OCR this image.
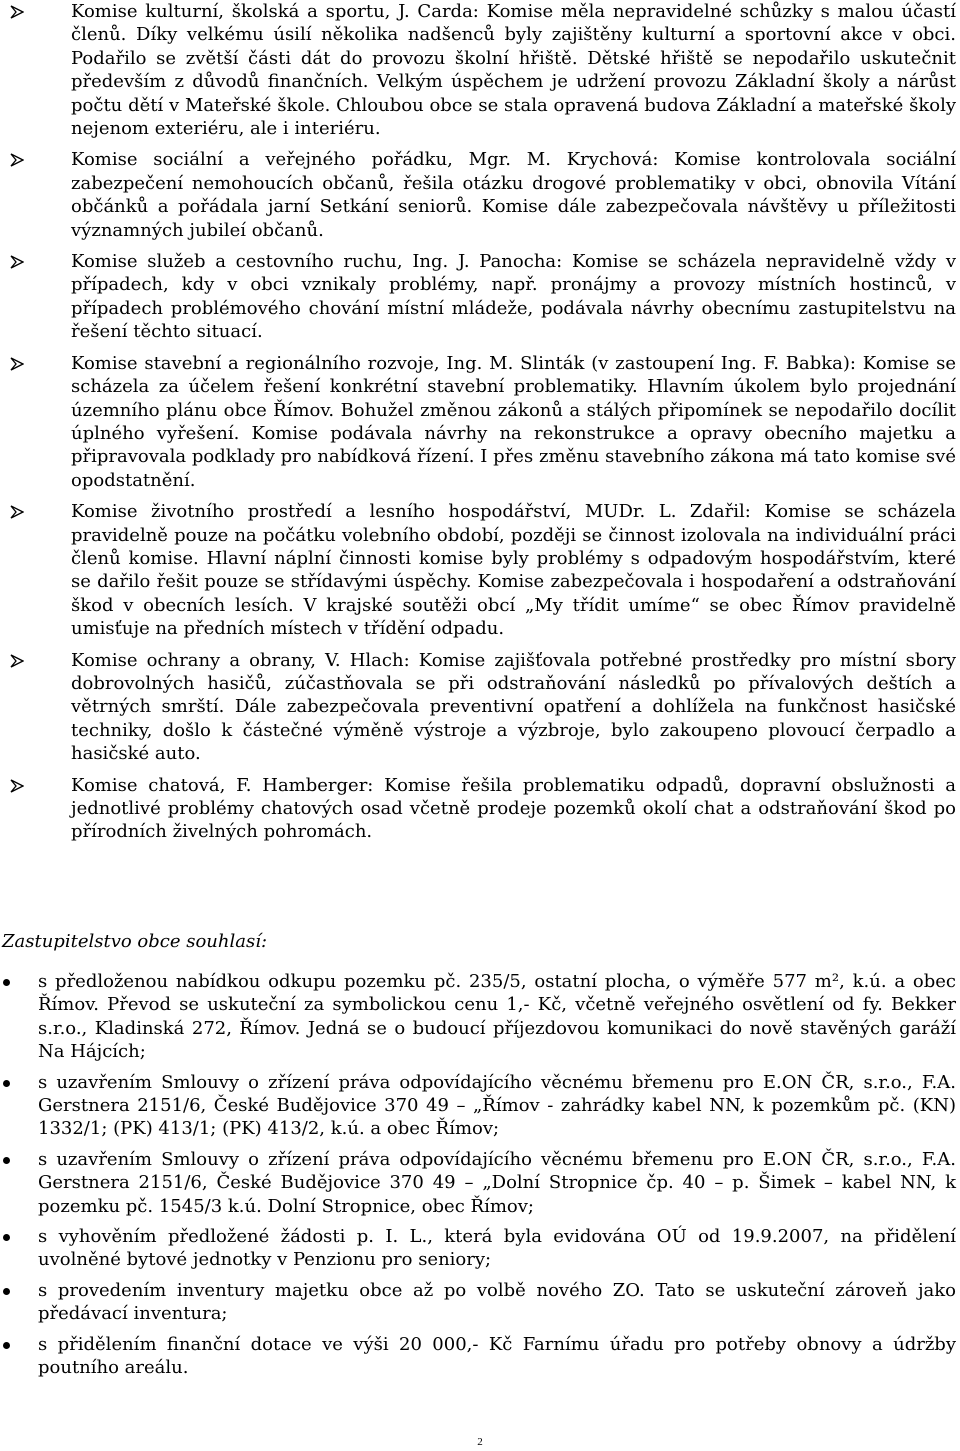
Komise kulturní, školská a sportu, J. Carda: Komise měla nepravidelné schůzky s malou účastí členů. Díky velkému úsilí několika nadšenců byly zajištěny kulturní a sportovní akce v obci. Podařilo se zvětší části dát do provozu školní hřiště. Dětské hřiště se nepodařilo uskutečnit především z důvodů finančních. Velkým úspěchem je udržení provozu Základní školy a nárůst počtu dětí v Mateřské škole. Chloubou obce se stala opravená budova Základní a mateřské školy nejenom exteriéru, ale i interiéru.
Komise sociální a veřejného pořádku, Mgr. M. Krychová: Komise kontrolovala sociální zabezpečení nemohoucích občanů, řešila otázku drogové problematiky v obci, obnovila Vítání občánků a pořádala jarní Setkání seniorů. Komise dále zabezpečovala návštěvy u příležitosti významných jubileí občanů.
Komise služeb a cestovního ruchu, Ing. J. Panocha: Komise se scházela nepravidelně vždy v případech, kdy v obci vznikaly problémy, např. pronájmy a provozy místních hostinců, v případech problémového chování místní mládeže, podávala návrhy obecnímu zastupitelstvu na řešení těchto situací.
Komise stavební a regionálního rozvoje, Ing. M. Slinták (v zastoupení Ing. F. Babka): Komise se scházela za účelem řešení konkrétní stavební problematiky. Hlavním úkolem bylo projednání územního plánu obce Římov. Bohužel změnou zákonů a stálých připomínek se nepodařilo docílit úplného vyřešení. Komise podávala návrhy na rekonstrukce a opravy obecního majetku a připravovala podklady pro nabídková řízení. I přes změnu stavebního zákona má tato komise své opodstatnění.
Komise životního prostředí a lesního hospodářství, MUDr. L. Zdařil: Komise se scházela pravidelně pouze na počátku volebního období, později se činnost izolovala na individuální práci členů komise. Hlavní náplní činnosti komise byly problémy s odpadovým hospodářstvím, které se dařilo řešit pouze se střídavými úspěchy. Komise zabezpečovala i hospodaření a odstraňování škod v obecních lesích. V krajské soutěži obcí „My třídit umíme“ se obec Římov pravidelně umisťuje na předních místech v třídění odpadu.
Komise ochrany a obrany, V. Hlach: Komise zajišťovala potřebné prostředky pro místní sbory dobrovolných hasičů, zúčastňovala se při odstraňování následků po přívalových deštích a větrných smrští. Dále zabezpečovala preventivní opatření a dohlížela na funkčnost hasičské techniky, došlo k částečné výměně výstroje a výzbroje, bylo zakoupeno plovoucí čerpadlo a hasičské auto.
Komise chatová, F. Hamberger: Komise řešila problematiku odpadů, dopravní obslužnosti a jednotlivé problémy chatových osad včetně prodeje pozemků okolí chat a odstraňování škod po přírodních živelných pohromách.
Zastupitelstvo obce souhlasí:
s předloženou nabídkou odkupu pozemku pč. 235/5, ostatní plocha, o výměře 577 m², k.ú. a obec Římov. Převod se uskuteční za symbolickou cenu 1,- Kč, včetně veřejného osvětlení od fy. Bekker s.r.o., Kladinská 272, Římov. Jedná se o budoucí příjezdovou komunikaci do nově stavěných garáží Na Hájcích;
s uzavřením Smlouvy o zřízení práva odpovídajícího věcnému břemenu pro E.ON ČR, s.r.o., F.A. Gerstnera 2151/6, České Budějovice 370 49 – „Římov - zahrádky kabel NN, k pozemkům pč. (KN) 1332/1; (PK) 413/1; (PK) 413/2, k.ú. a obec Římov;
s uzavřením Smlouvy o zřízení práva odpovídajícího věcnému břemenu pro E.ON ČR, s.r.o., F.A. Gerstnera 2151/6, České Budějovice 370 49 – „Dolní Stropnice čp. 40 – p. Šimek – kabel NN, k pozemku pč. 1545/3 k.ú. Dolní Stropnice, obec Římov;
s vyhověním předložené žádosti p. I. L., která byla evidována OÚ od 19.9.2007, na přidělení uvolněné bytové jednotky v Penzionu pro seniory;
s provedením inventury majetku obce až po volbě nového ZO. Tato se uskuteční zároveň jako předávací inventura;
s přidělením finanční dotace ve výši 20 000,- Kč Farnímu úřadu pro potřeby obnovy a údržby poutního areálu.
2
